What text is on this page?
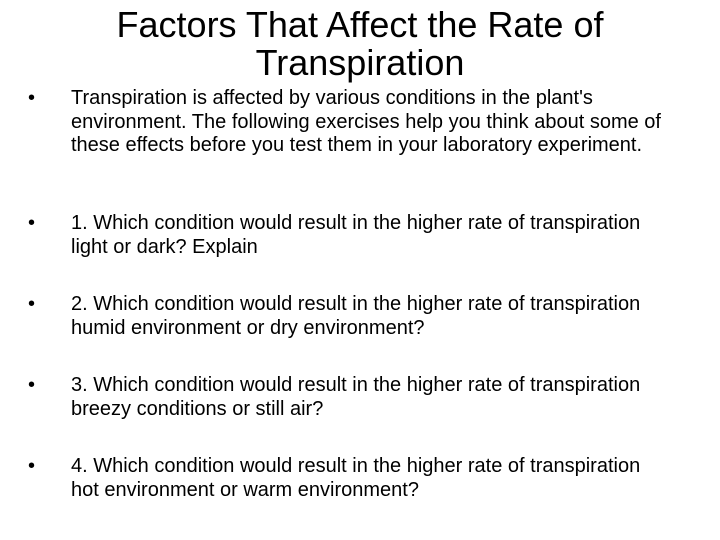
Factors That Affect the Rate of Transpiration
•	Transpiration is affected by various conditions in the plant's environment. The following exercises help you think about some of these effects before you test them in your laboratory experiment.
•	1. Which condition would result in the higher rate of transpiration light or dark? Explain
•	2. Which condition would result in the higher rate of transpiration humid environment or dry environment?
•	3. Which condition would result in the higher rate of transpiration breezy conditions or still air?
•	4. Which condition would result in the higher rate of transpiration hot environment or warm environment?
